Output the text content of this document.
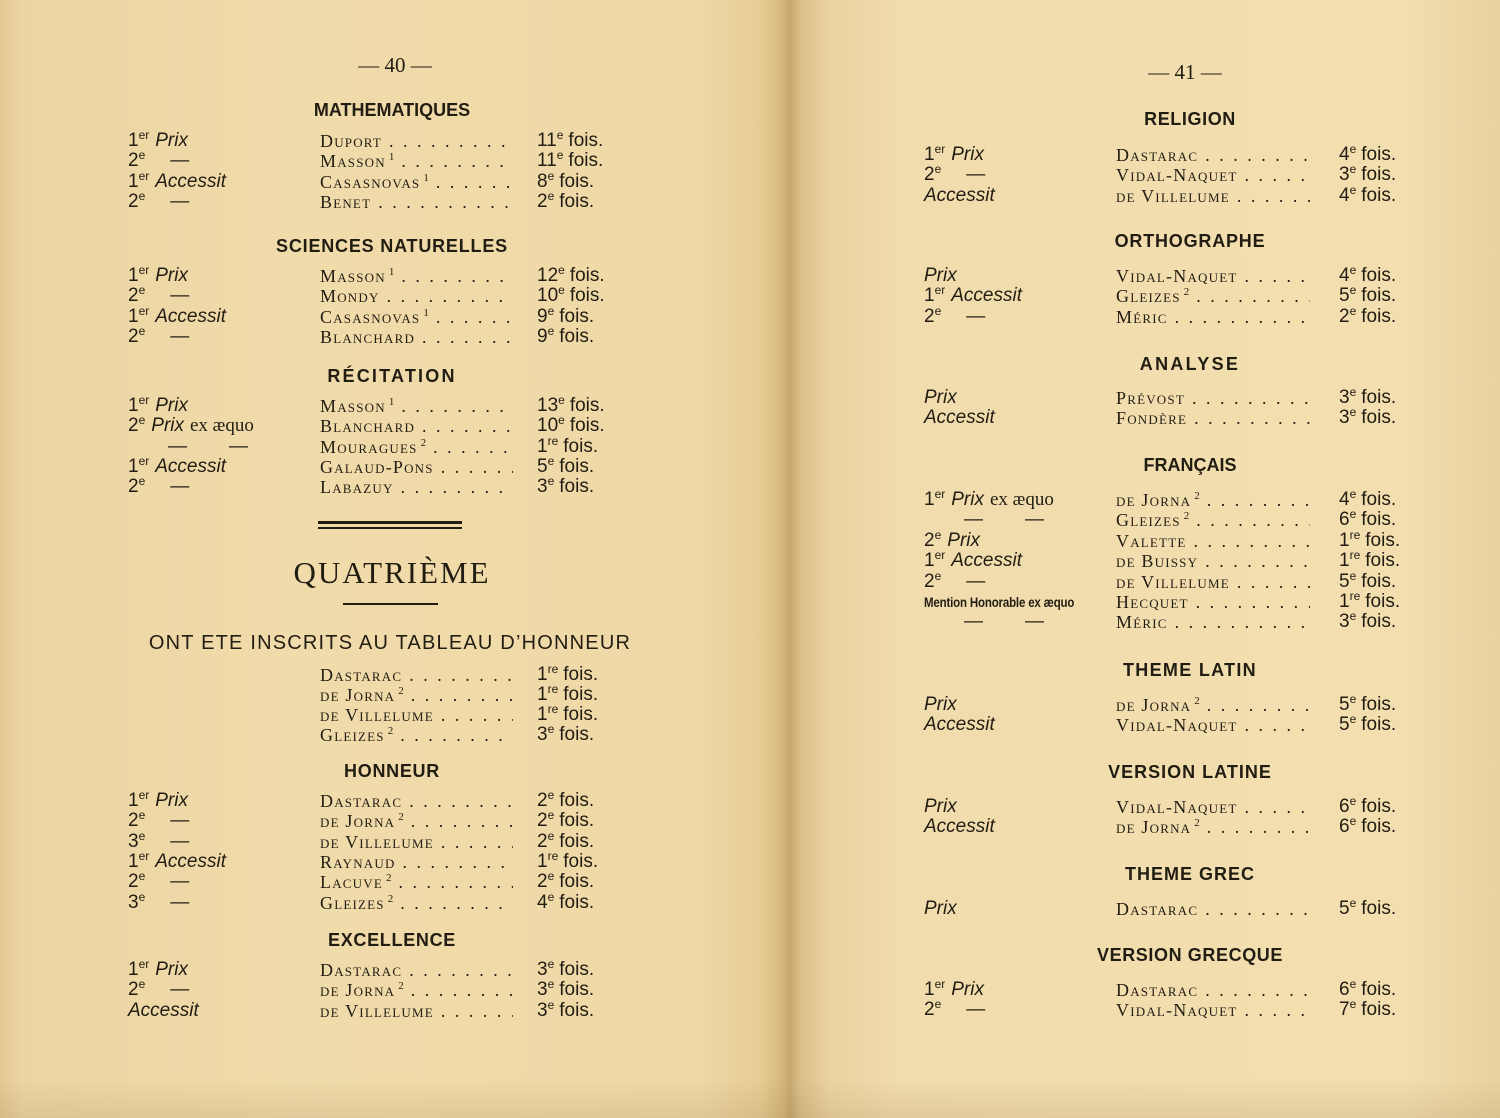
— 40 —
QUATRIÈME
ONT ETE INSCRITS AU TABLEAU D’HONNEUR
MATHEMATIQUES
1er Prix	Duport . . .	11e fois.
2e —	Masson $^1$ . . .	11e fois.
1er Accessit	Casasnovas $^1$ . . .	8e fois.
2e —	Benet . . .	2e fois.
SCIENCES NATURELLES
1er Prix	Masson $^1$ . . .	12e fois.
2e —	Mondy . . .	10e fois.
1er Accessit	Casasnovas $^1$ . . .	9e fois.
2e —	Blanchard . . .	9e fois.
RÉCITATION
1er Prix	Masson $^1$ . . .	13e fois.
2e Prix ex æquo	Blanchard . . .	10e fois.
— —	Mouragues $^2$ . . .	1re fois.
1er Accessit	Galaud-Pons . . .	5e fois.
2e —	Labazuy . . .	3e fois.
Dastarac . . .	1re fois.
de Jorna $^2$ . . .	1re fois.
de Villelume . . .	1re fois.
Gleizes $^2$ . . .	3e fois.
HONNEUR
1er Prix	Dastarac . . .	2e fois.
2e —	de Jorna $^2$ . . .	2e fois.
3e —	de Villelume . . .	2e fois.
1er Accessit	Raynaud . . .	1re fois.
2e —	Lacuve $^2$ . . .	2e fois.
3e —	Gleizes $^2$ . . .	4e fois.
EXCELLENCE
1er Prix	Dastarac . . .	3e fois.
2e —	de Jorna $^2$ . . .	3e fois.
Accessit	de Villelume . . .	3e fois.
— 41 —
RELIGION
1er Prix	Dastarac . . .	4e fois.
2e —	Vidal-Naquet . . .	3e fois.
Accessit	de Villelume . . .	4e fois.
ORTHOGRAPHE
Prix	Vidal-Naquet . . .	4e fois.
1er Accessit	Gleizes $^2$ . . .	5e fois.
2e —	Méric . . .	2e fois.
ANALYSE
Prix	Prévost . . .	3e fois.
Accessit	Fondère . . .	3e fois.
FRANÇAIS
1er Prix ex æquo	de Jorna $^2$ . . .	4e fois.
— —	Gleizes $^2$ . . .	6e fois.
2e Prix	Valette . . .	1re fois.
1er Accessit	de Buissy . . .	1re fois.
2e —	de Villelume . . .	5e fois.
Mention Honorable ex æquo	Hecquet . . .	1re fois.
— —	Méric . . .	3e fois.
THEME LATIN
Prix	de Jorna $^2$ . . .	5e fois.
Accessit	Vidal-Naquet . . .	5e fois.
VERSION LATINE
Prix	Vidal-Naquet . . .	6e fois.
Accessit	de Jorna $^2$ . . .	6e fois.
THEME GREC
Prix	Dastarac . . .	5e fois.
VERSION GRECQUE
1er Prix	Dastarac . . .	6e fois.
2e —	Vidal-Naquet . . .	7e fois.
